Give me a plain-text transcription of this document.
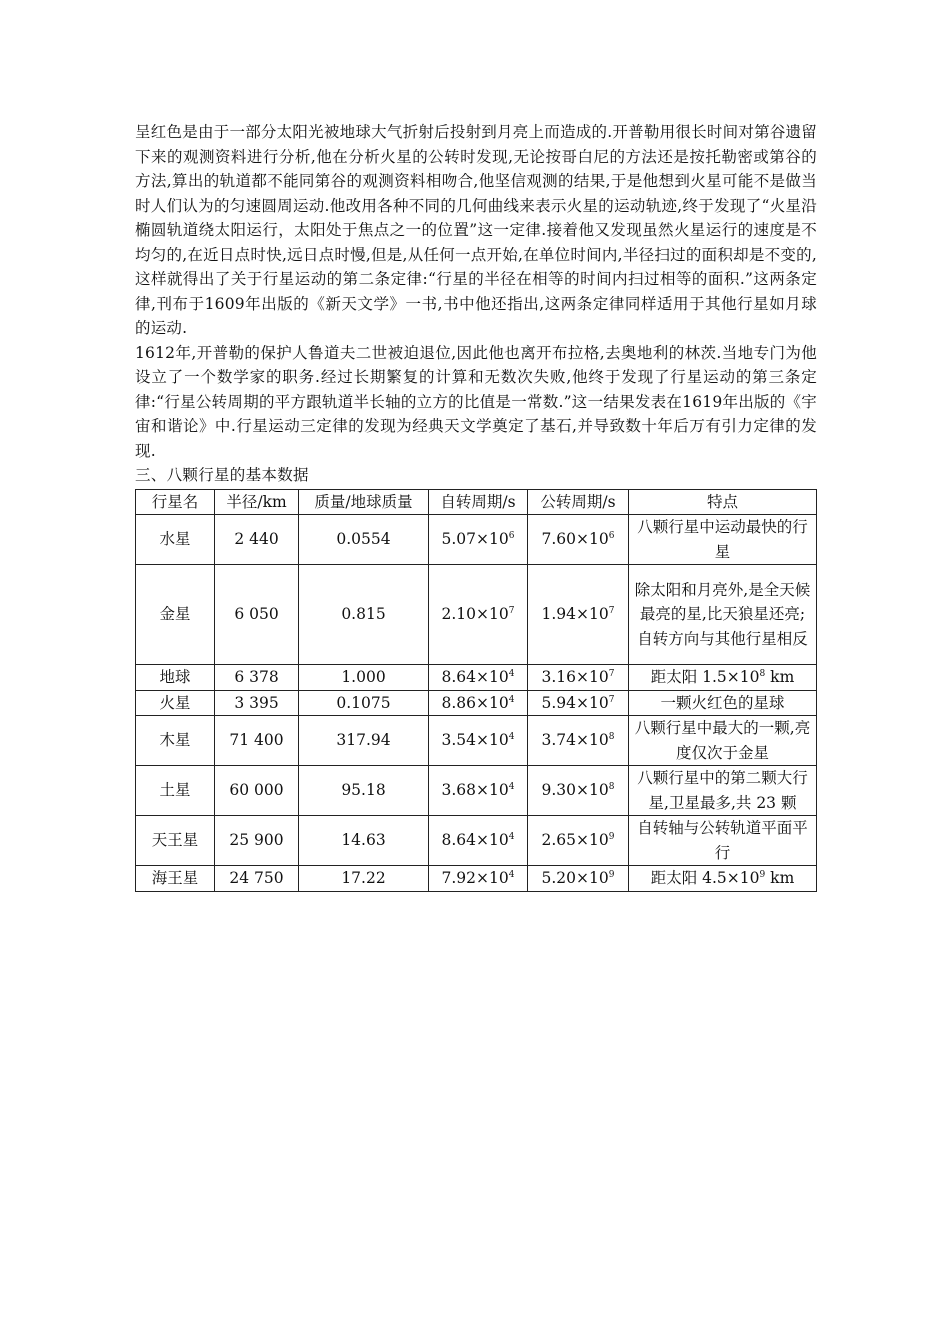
呈红色是由于一部分太阳光被地球大气折射后投射到月亮上而造成的.开普勒用很长时间对第谷遗留下来的观测资料进行分析,他在分析火星的公转时发现,无论按哥白尼的方法还是按托勒密或第谷的方法,算出的轨道都不能同第谷的观测资料相吻合,他坚信观测的结果,于是他想到火星可能不是做当时人们认为的匀速圆周运动.他改用各种不同的几何曲线来表示火星的运动轨迹,终于发现了“火星沿椭圆轨道绕太阳运行，太阳处于焦点之一的位置”这一定律.接着他又发现虽然火星运行的速度是不均匀的,在近日点时快,远日点时慢,但是,从任何一点开始,在单位时间内,半径扫过的面积却是不变的,这样就得出了关于行星运动的第二条定律:“行星的半径在相等的时间内扫过相等的面积.”这两条定律,刊布于1609年出版的《新天文学》一书,书中他还指出,这两条定律同样适用于其他行星如月球的运动.

1612年,开普勒的保护人鲁道夫二世被迫退位,因此他也离开布拉格,去奥地利的林茨.当地专门为他设立了一个数学家的职务.经过长期繁复的计算和无数次失败,他终于发现了行星运动的第三条定律:“行星公转周期的平方跟轨道半长轴的立方的比值是一常数.”这一结果发表在1619年出版的《宇宙和谐论》中.行星运动三定律的发现为经典天文学奠定了基石,并导致数十年后万有引力定律的发现.

三、八颗行星的基本数据

行星名	半径/km	质量/地球质量	自转周期/s	公转周期/s	特点
水星	2 440	0.0554	$5.07\times 10^6$	$7.60\times 10^6$	八颗行星中运动最快的行星
金星	6 050	0.815	$2.10\times 10^7$	$1.94\times 10^7$	除太阳和月亮外,是全天候最亮的星,比天狼星还亮;自转方向与其他行星相反
地球	6 378	1.000	$8.64\times 10^4$	$3.16\times 10^7$	距太阳 $1.5\times 10^8$ km
火星	3 395	0.1075	$8.86\times 10^4$	$5.94\times 10^7$	一颗火红色的星球
木星	71 400	317.94	$3.54\times 10^4$	$3.74\times 10^8$	八颗行星中最大的一颗,亮度仅次于金星
土星	60 000	95.18	$3.68\times 10^4$	$9.30\times 10^8$	八颗行星中的第二颗大行星,卫星最多,共 23 颗
天王星	25 900	14.63	$8.64\times 10^4$	$2.65\times 10^9$	自转轴与公转轨道平面平行
海王星	24 750	17.22	$7.92\times 10^4$	$5.20\times 10^9$	距太阳 $4.5\times 10^9$ km
